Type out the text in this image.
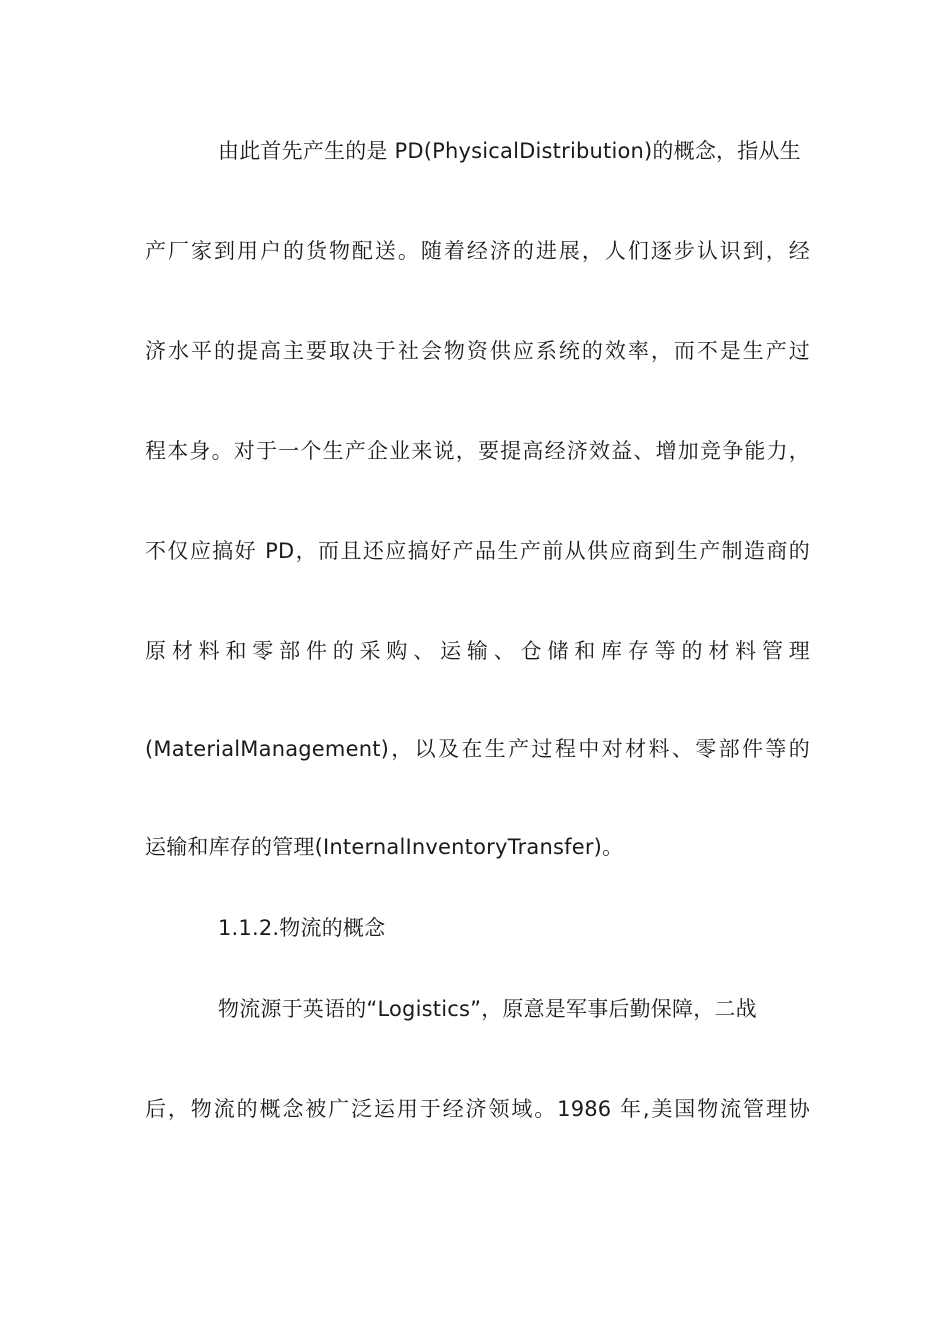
由此首先产生的是 PD(PhysicalDistribution)的概念，指从生
产厂家到用户的货物配送。随着经济的进展，人们逐步认识到，经
济水平的提高主要取决于社会物资供应系统的效率，而不是生产过
程本身。对于一个生产企业来说，要提高经济效益、增加竞争能力，
不仅应搞好 PD，而且还应搞好产品生产前从供应商到生产制造商的
原材料和零部件的采购、运输、仓储和库存等的材料管理
(MaterialManagement)，以及在生产过程中对材料、零部件等的
运输和库存的管理(InternalInventoryTransfer)。
1.1.2.物流的概念
物流源于英语的“Logistics”，原意是军事后勤保障，二战
后，物流的概念被广泛运用于经济领域。1986 年,美国物流管理协
